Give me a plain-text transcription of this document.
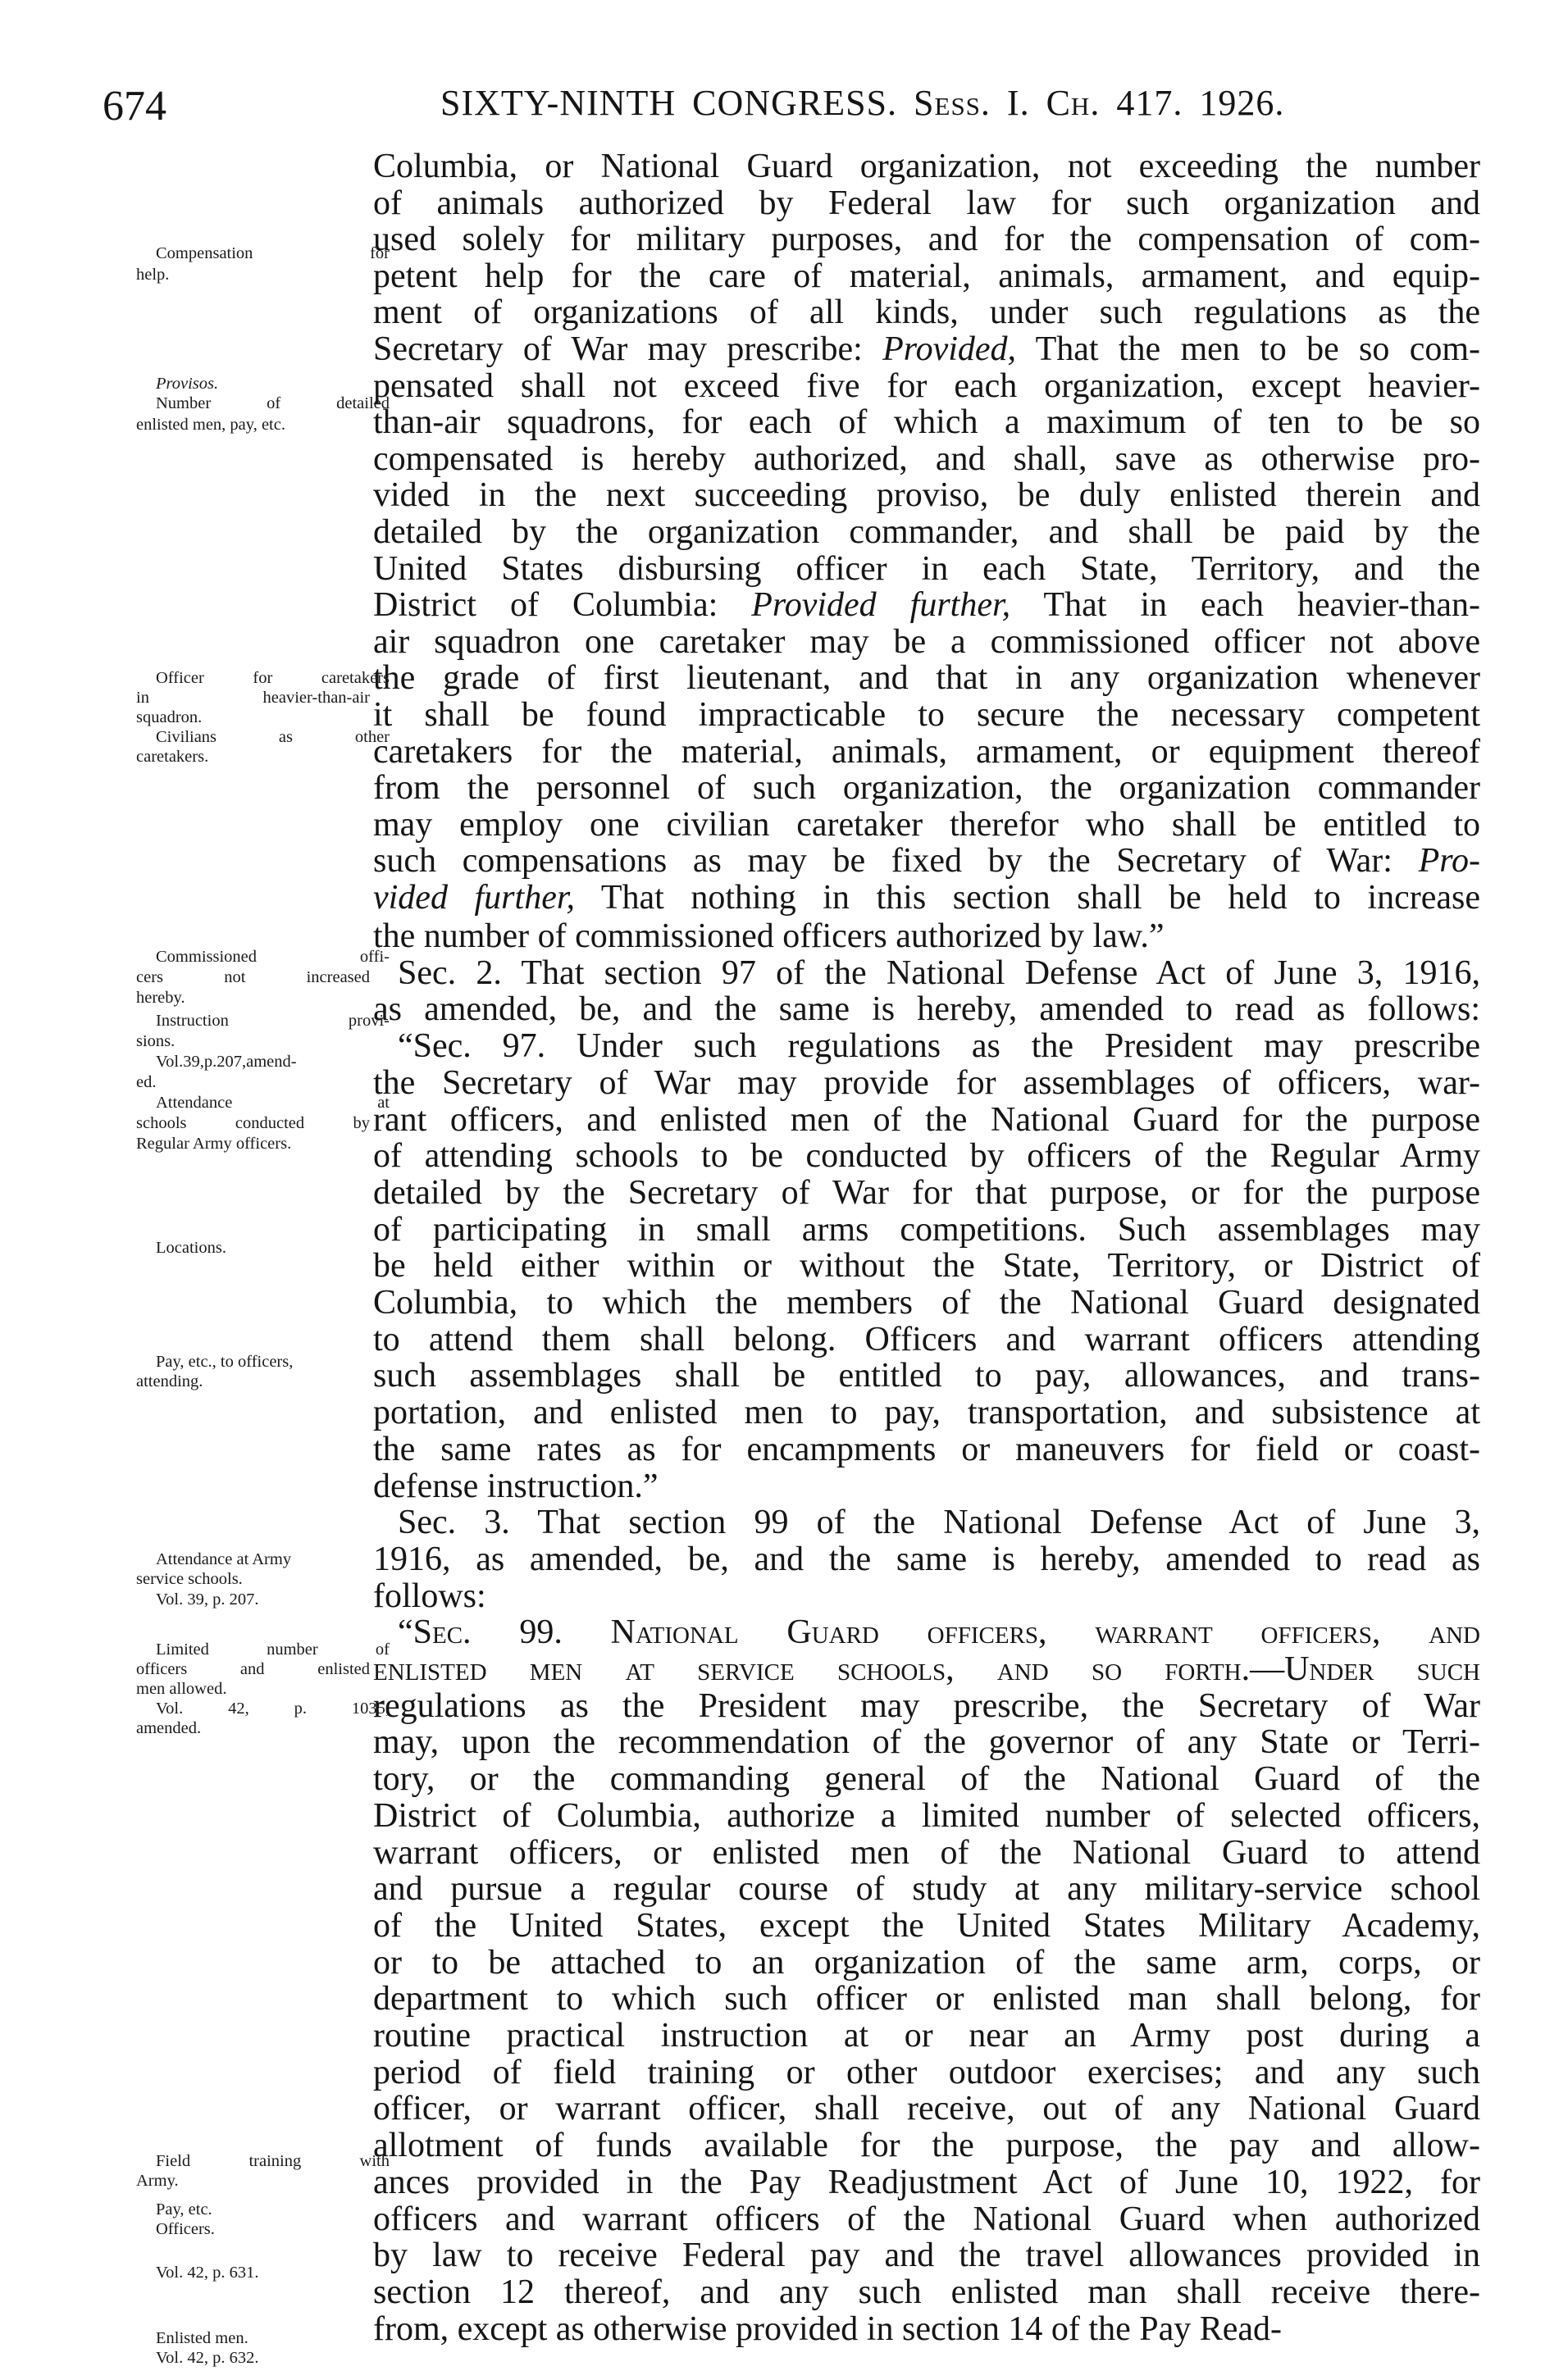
674	SIXTY-NINTH CONGRESS. Sess. I. Ch. 417. 1926.
Columbia, or National Guard organization, not exceeding the number
of animals authorized by Federal law for such organization and
used solely for military purposes, and for the compensation of com-
petent help for the care of material, animals, armament, and equip-
ment of organizations of all kinds, under such regulations as the
Secretary of War may prescribe: Provided, That the men to be so com-
pensated shall not exceed five for each organization, except heavier-
than-air squadrons, for each of which a maximum of ten to be so
compensated is hereby authorized, and shall, save as otherwise pro-
vided in the next succeeding proviso, be duly enlisted therein and
detailed by the organization commander, and shall be paid by the
United States disbursing officer in each State, Territory, and the
District of Columbia: Provided further, That in each heavier-than-
air squadron one caretaker may be a commissioned officer not above
the grade of first lieutenant, and that in any organization whenever
it shall be found impracticable to secure the necessary competent
caretakers for the material, animals, armament, or equipment thereof
from the personnel of such organization, the organization commander
may employ one civilian caretaker therefor who shall be entitled to
such compensations as may be fixed by the Secretary of War: Pro-
vided further, That nothing in this section shall be held to increase
the number of commissioned officers authorized by law.”
Sec. 2. That section 97 of the National Defense Act of June 3, 1916,
as amended, be, and the same is hereby, amended to read as follows:
“Sec. 97. Under such regulations as the President may prescribe
the Secretary of War may provide for assemblages of officers, war-
rant officers, and enlisted men of the National Guard for the purpose
of attending schools to be conducted by officers of the Regular Army
detailed by the Secretary of War for that purpose, or for the purpose
of participating in small arms competitions. Such assemblages may
be held either within or without the State, Territory, or District of
Columbia, to which the members of the National Guard designated
to attend them shall belong. Officers and warrant officers attending
such assemblages shall be entitled to pay, allowances, and trans-
portation, and enlisted men to pay, transportation, and subsistence at
the same rates as for encampments or maneuvers for field or coast-
defense instruction.”
Sec. 3. That section 99 of the National Defense Act of June 3,
1916, as amended, be, and the same is hereby, amended to read as
follows:
“Sec. 99. National Guard officers, warrant officers, and
enlisted men at service schools, and so forth.—Under such
regulations as the President may prescribe, the Secretary of War
may, upon the recommendation of the governor of any State or Terri-
tory, or the commanding general of the National Guard of the
District of Columbia, authorize a limited number of selected officers,
warrant officers, or enlisted men of the National Guard to attend
and pursue a regular course of study at any military-service school
of the United States, except the United States Military Academy,
or to be attached to an organization of the same arm, corps, or
department to which such officer or enlisted man shall belong, for
routine practical instruction at or near an Army post during a
period of field training or other outdoor exercises; and any such
officer, or warrant officer, shall receive, out of any National Guard
allotment of funds available for the purpose, the pay and allow-
ances provided in the Pay Readjustment Act of June 10, 1922, for
officers and warrant officers of the National Guard when authorized
by law to receive Federal pay and the travel allowances provided in
section 12 thereof, and any such enlisted man shall receive there-
from, except as otherwise provided in section 14 of the Pay Read-
Compensation for
help.
Provisos.
Number of detailed
enlisted men, pay, etc.
Officer for caretakers
in heavier-than-air
squadron.
Civilians as other
caretakers.
Commissioned offi-
cers not increased
hereby.
Instruction provi-
sions.
Vol.39,p.207,amend-
ed.
Attendance at
schools conducted by
Regular Army officers.
Locations.
Pay, etc., to officers,
attending.
Attendance at Army
service schools.
Vol. 39, p. 207.
Limited number of
officers and enlisted
men allowed.
Vol. 42, p. 1035,
amended.
Field training with
Army.
Pay, etc.
Officers.
Vol. 42, p. 631.
Enlisted men.
Vol. 42, p. 632.
